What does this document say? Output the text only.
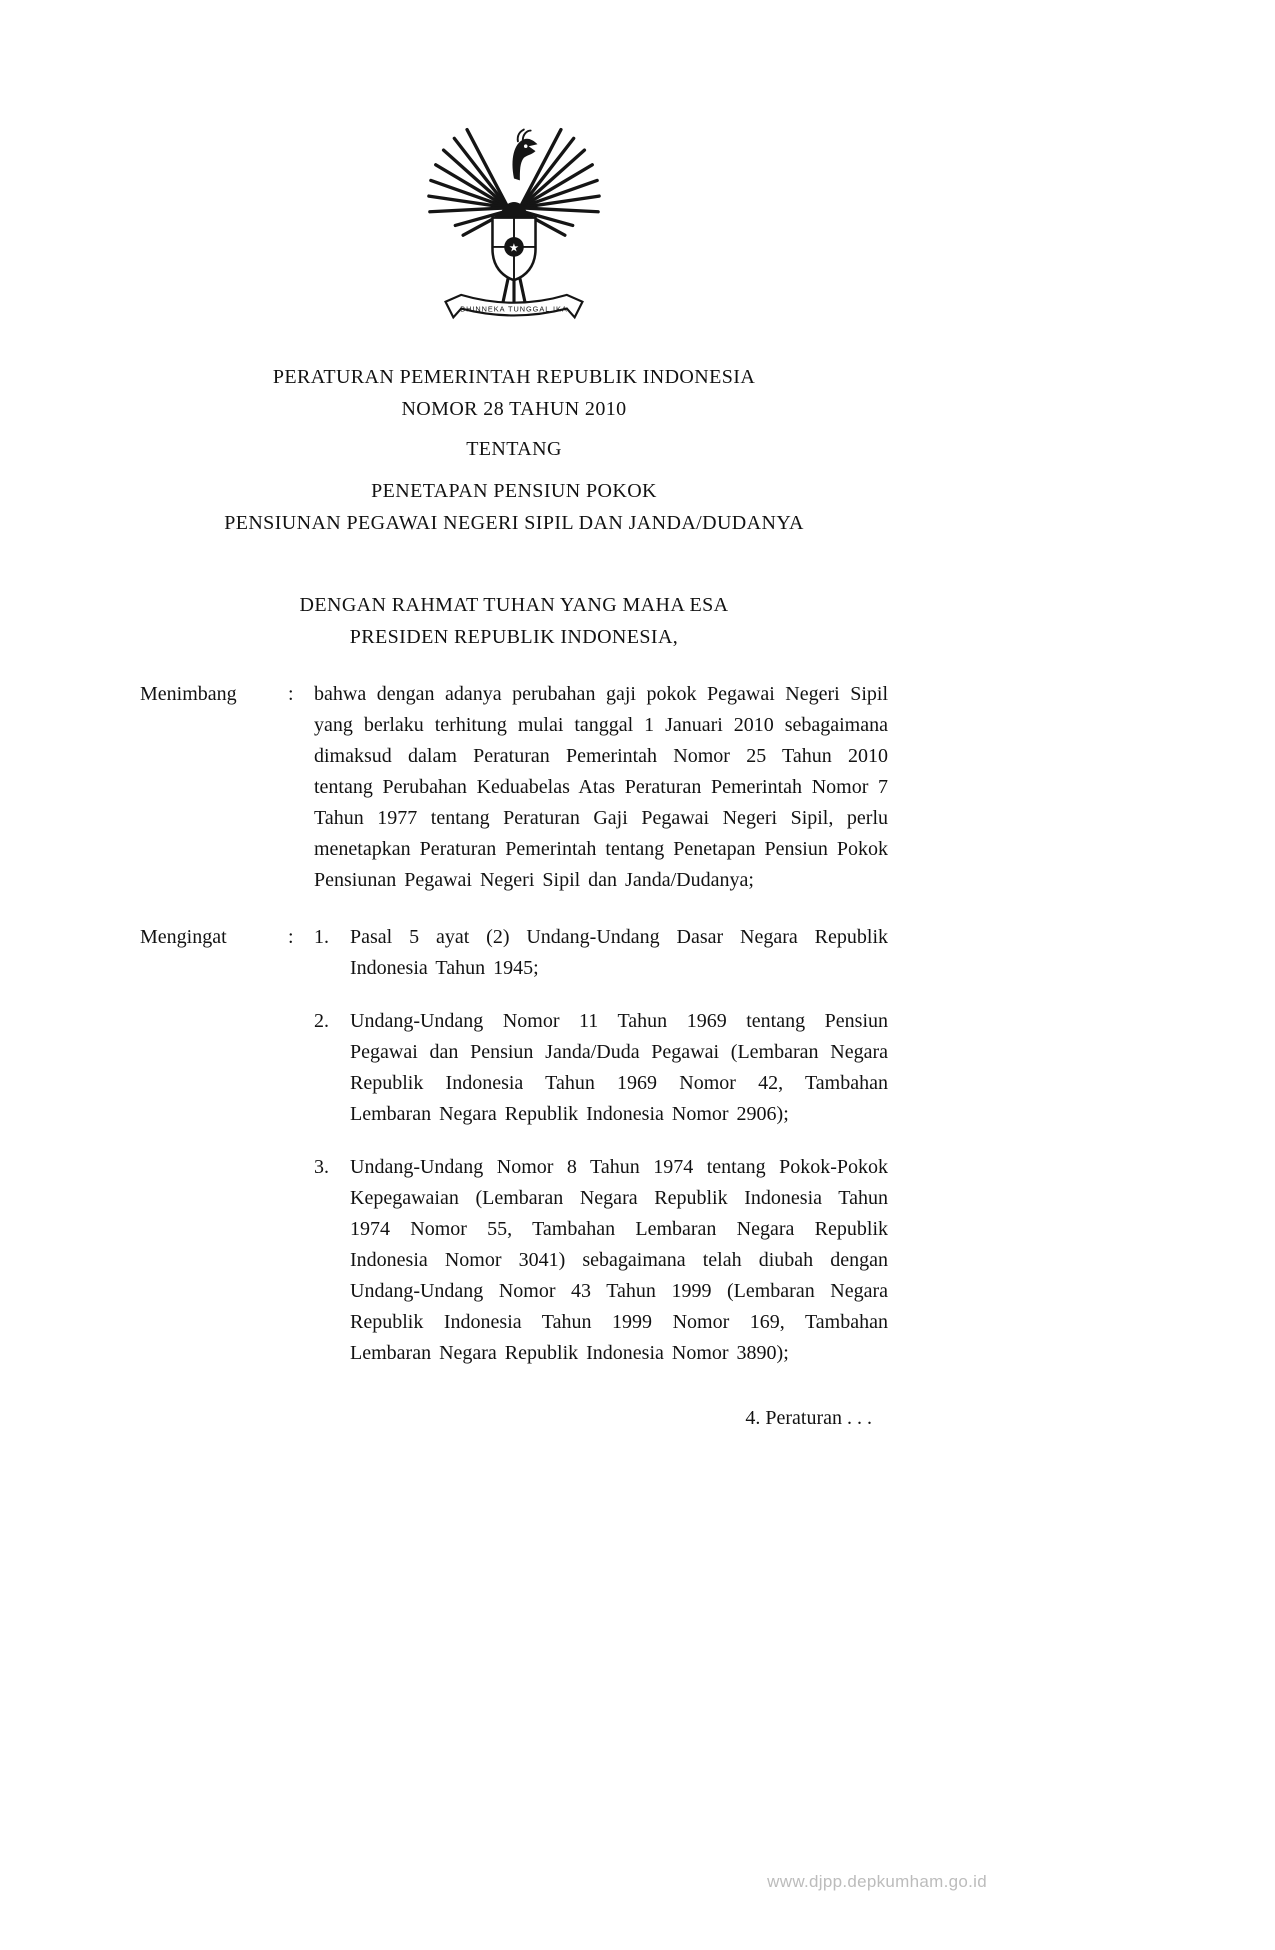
★
BHINNEKA TUNGGAL IKA
PERATURAN PEMERINTAH REPUBLIK INDONESIA
NOMOR 28 TAHUN 2010
TENTANG
PENETAPAN PENSIUN POKOK
PENSIUNAN PEGAWAI NEGERI SIPIL DAN JANDA/DUDANYA
DENGAN RAHMAT TUHAN YANG MAHA ESA
PRESIDEN REPUBLIK INDONESIA,
Menimbang	:	bahwa dengan adanya perubahan gaji pokok Pegawai Negeri Sipil yang berlaku terhitung mulai tanggal 1 Januari 2010 sebagaimana dimaksud dalam Peraturan Pemerintah Nomor 25 Tahun 2010 tentang Perubahan Keduabelas Atas Peraturan Pemerintah Nomor 7 Tahun 1977 tentang Peraturan Gaji Pegawai Negeri Sipil, perlu menetapkan Peraturan Pemerintah tentang Penetapan Pensiun Pokok Pensiunan Pegawai Negeri Sipil dan Janda/Dudanya;

Mengingat	:	1.	Pasal 5 ayat (2) Undang-Undang Dasar Negara Republik Indonesia Tahun 1945;
2.	Undang-Undang Nomor 11 Tahun 1969 tentang Pensiun Pegawai dan Pensiun Janda/Duda Pegawai (Lembaran Negara Republik Indonesia Tahun 1969 Nomor 42, Tambahan Lembaran Negara Republik Indonesia Nomor 2906);
3.	Undang-Undang Nomor 8 Tahun 1974 tentang Pokok-Pokok Kepegawaian (Lembaran Negara Republik Indonesia Tahun 1974 Nomor 55, Tambahan Lembaran Negara Republik Indonesia Nomor 3041) sebagaimana telah diubah dengan Undang-Undang Nomor 43 Tahun 1999 (Lembaran Negara Republik Indonesia Tahun 1999 Nomor 169, Tambahan Lembaran Negara Republik Indonesia Nomor 3890);
4. Peraturan . . .
www.djpp.depkumham.go.id
